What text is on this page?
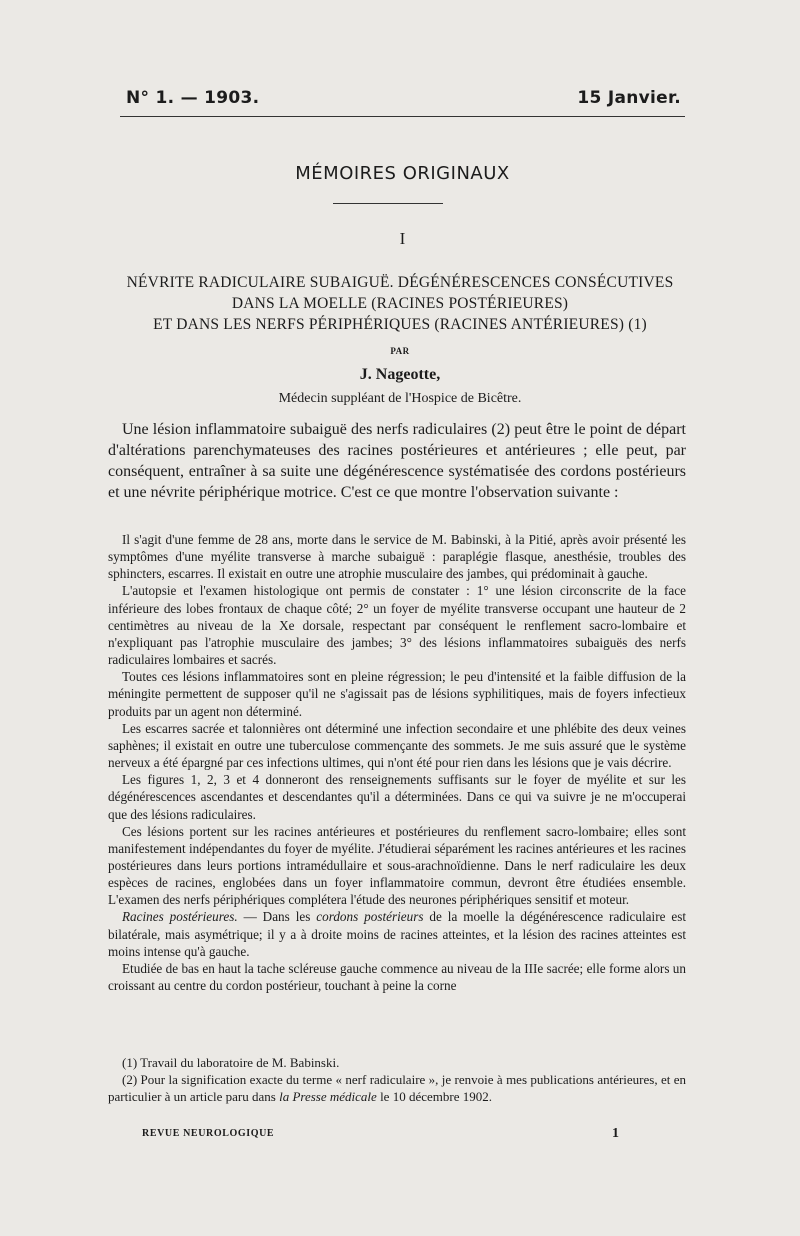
N° 1. — 1903.	15 Janvier.
MÉMOIRES ORIGINAUX
I
NÉVRITE RADICULAIRE SUBAIGUË. DÉGÉNÉRESCENCES CONSÉCUTIVES
DANS LA MOELLE (RACINES POSTÉRIEURES)
ET DANS LES NERFS PÉRIPHÉRIQUES (RACINES ANTÉRIEURES) (1)
PAR
J. Nageotte,
Médecin suppléant de l'Hospice de Bicêtre.

Une lésion inflammatoire subaiguë des nerfs radiculaires (2) peut être le point de départ d'altérations parenchymateuses des racines postérieures et antérieures ; elle peut, par conséquent, entraîner à sa suite une dégénérescence systématisée des cordons postérieurs et une névrite périphérique motrice. C'est ce que montre l'observation suivante :

Il s'agit d'une femme de 28 ans, morte dans le service de M. Babinski, à la Pitié, après avoir présenté les symptômes d'une myélite transverse à marche subaiguë : paraplégie flasque, anesthésie, troubles des sphincters, escarres. Il existait en outre une atrophie musculaire des jambes, qui prédominait à gauche.

L'autopsie et l'examen histologique ont permis de constater : 1° une lésion circonscrite de la face inférieure des lobes frontaux de chaque côté; 2° un foyer de myélite transverse occupant une hauteur de 2 centimètres au niveau de la Xe dorsale, respectant par conséquent le renflement sacro-lombaire et n'expliquant pas l'atrophie musculaire des jambes; 3° des lésions inflammatoires subaiguës des nerfs radiculaires lombaires et sacrés.

Toutes ces lésions inflammatoires sont en pleine régression; le peu d'intensité et la faible diffusion de la méningite permettent de supposer qu'il ne s'agissait pas de lésions syphilitiques, mais de foyers infectieux produits par un agent non déterminé.

Les escarres sacrée et talonnières ont déterminé une infection secondaire et une phlébite des deux veines saphènes; il existait en outre une tuberculose commençante des sommets. Je me suis assuré que le système nerveux a été épargné par ces infections ultimes, qui n'ont été pour rien dans les lésions que je vais décrire.

Les figures 1, 2, 3 et 4 donneront des renseignements suffisants sur le foyer de myélite et sur les dégénérescences ascendantes et descendantes qu'il a déterminées. Dans ce qui va suivre je ne m'occuperai que des lésions radiculaires.

Ces lésions portent sur les racines antérieures et postérieures du renflement sacro-lombaire; elles sont manifestement indépendantes du foyer de myélite. J'étudierai séparément les racines antérieures et les racines postérieures dans leurs portions intramédullaire et sous-arachnoïdienne. Dans le nerf radiculaire les deux espèces de racines, englobées dans un foyer inflammatoire commun, devront être étudiées ensemble. L'examen des nerfs périphériques complétera l'étude des neurones périphériques sensitif et moteur.

Racines postérieures. — Dans les cordons postérieurs de la moelle la dégénérescence radiculaire est bilatérale, mais asymétrique; il y a à droite moins de racines atteintes, et la lésion des racines atteintes est moins intense qu'à gauche.

Etudiée de bas en haut la tache scléreuse gauche commence au niveau de la IIIe sacrée; elle forme alors un croissant au centre du cordon postérieur, touchant à peine la corne

(1) Travail du laboratoire de M. Babinski.

(2) Pour la signification exacte du terme « nerf radiculaire », je renvoie à mes publications antérieures, et en particulier à un article paru dans la Presse médicale le 10 décembre 1902.

REVUE NEUROLOGIQUE	1
